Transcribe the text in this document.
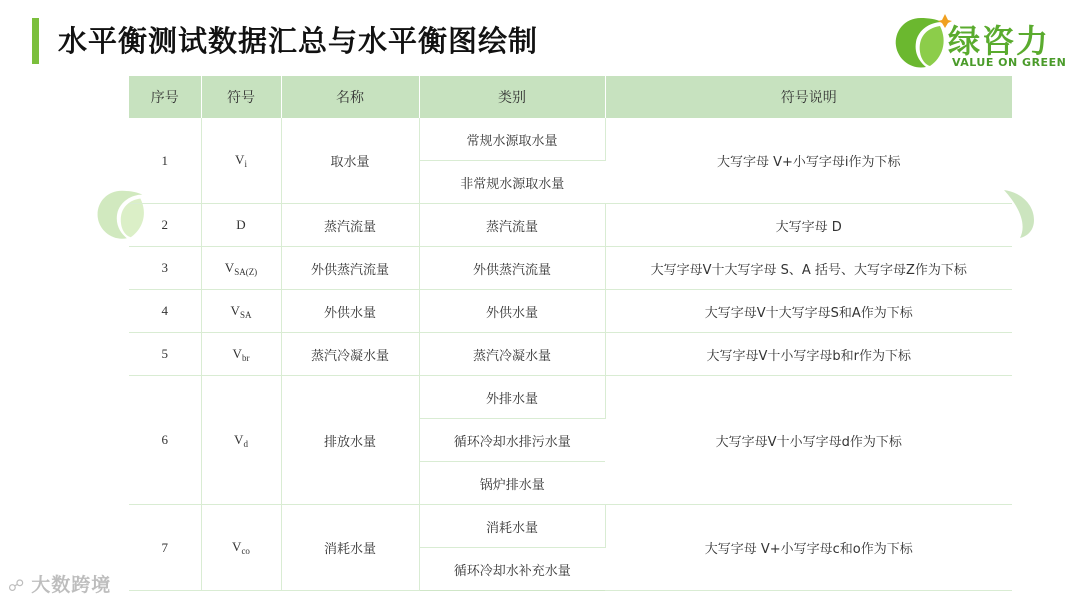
水平衡测试数据汇总与水平衡图绘制	绿咨力
VALUE ON GREEN
序号	符号	名称	类别	符号说明
1	$V_i$	取水量	常规水源取水量	大写字母 V+小写字母i作为下标
			非常规水源取水量	
2	D	蒸汽流量	蒸汽流量	大写字母 D
3	$V_{SA(Z)}$	外供蒸汽流量	外供蒸汽流量	大写字母V十大写字母 S、A 括号、大写字母Z作为下标
4	$V_{SA}$	外供水量	外供水量	大写字母V十大写字母S和A作为下标
5	$V_{br}$	蒸汽冷凝水量	蒸汽冷凝水量	大写字母V十小写字母b和r作为下标
6	$V_d$	排放水量	外排水量	大写字母V十小写字母d作为下标
			循环冷却水排污水量	
			锅炉排水量	
7	$V_{co}$	消耗水量	消耗水量	大写字母 V+小写字母c和o作为下标
			循环冷却水补充水量	
☍ 大数跨境
